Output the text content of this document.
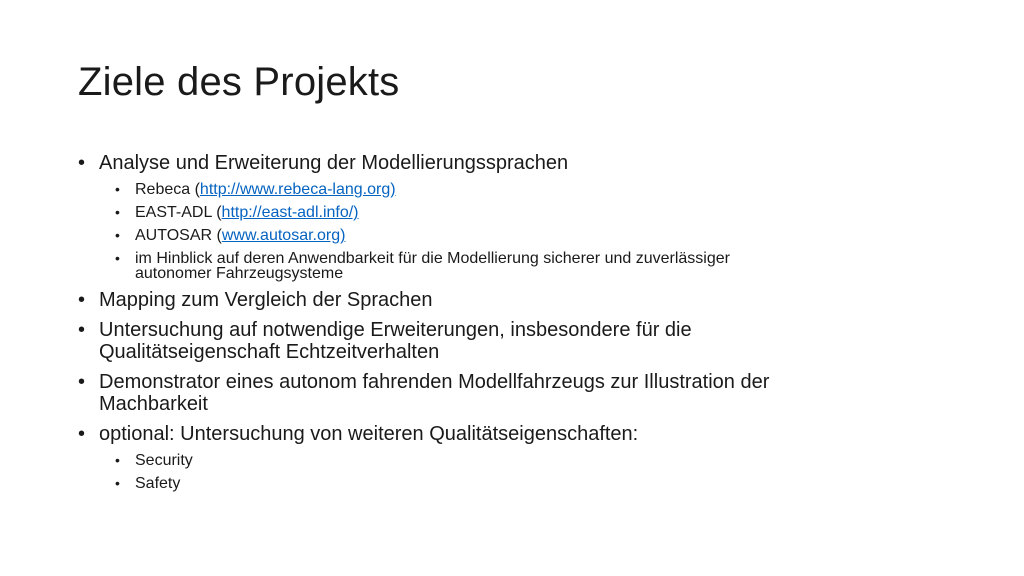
Ziele des Projekts
• Analyse und Erweiterung der Modellierungssprachen
• Rebeca (http://www.rebeca-lang.org)
• EAST-ADL (http://east-adl.info/)
• AUTOSAR (www.autosar.org)
• im Hinblick auf deren Anwendbarkeit für die Modellierung sicherer und zuverlässiger
autonomer Fahrzeugsysteme
• Mapping zum Vergleich der Sprachen
• Untersuchung auf notwendige Erweiterungen, insbesondere für die
Qualitätseigenschaft Echtzeitverhalten
• Demonstrator eines autonom fahrenden Modellfahrzeugs zur Illustration der
Machbarkeit
• optional: Untersuchung von weiteren Qualitätseigenschaften:
• Security
• Safety
